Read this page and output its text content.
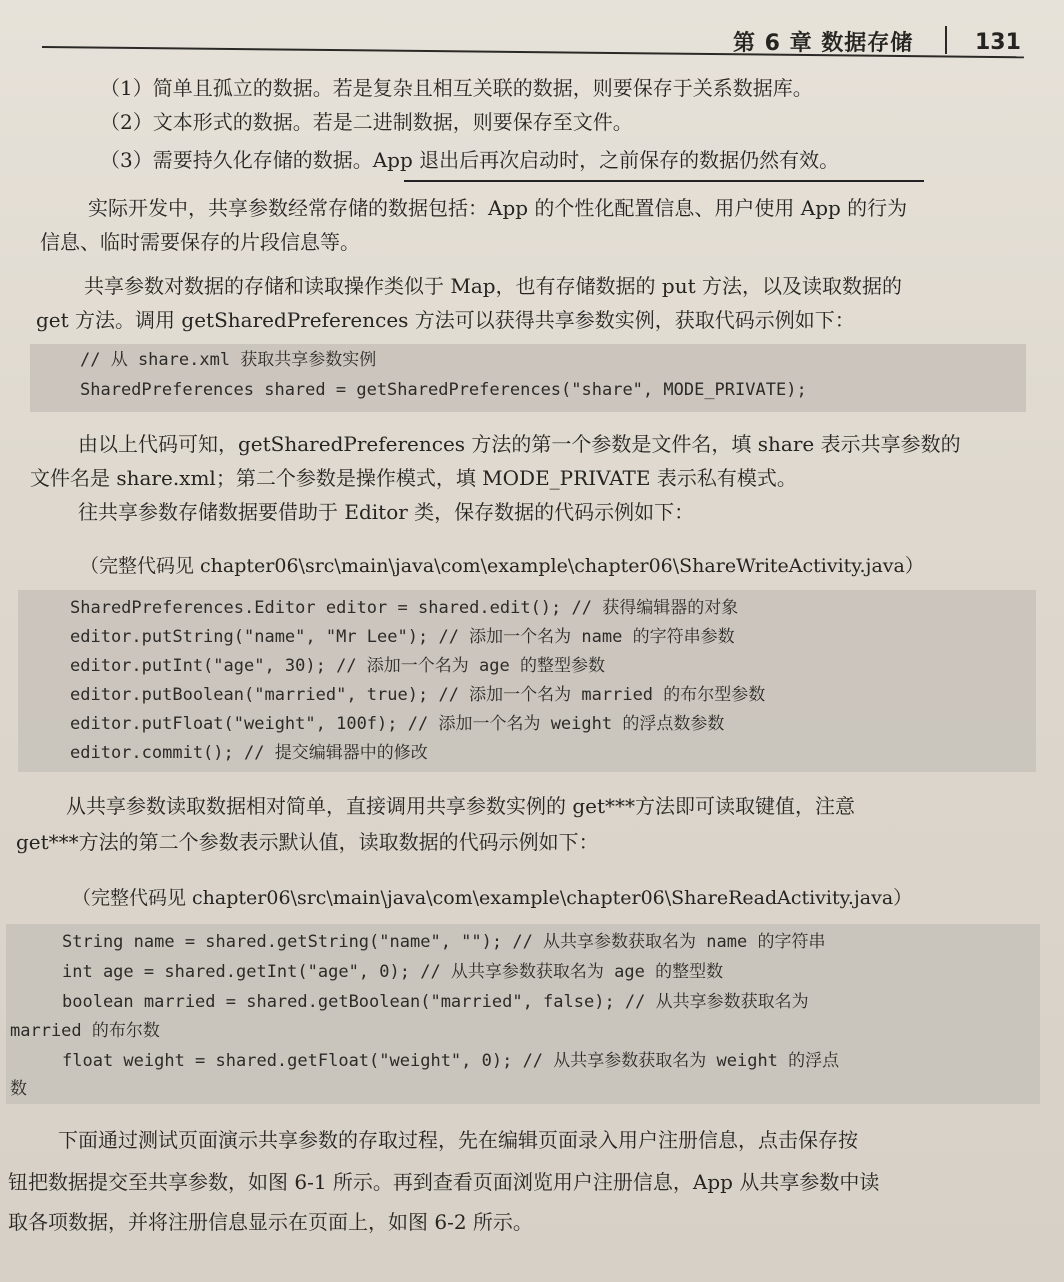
第 6 章 数据存储	131
（1）简单且孤立的数据。若是复杂且相互关联的数据，则要保存于关系数据库。
（2）文本形式的数据。若是二进制数据，则要保存至文件。
（3）需要持久化存储的数据。App 退出后再次启动时，之前保存的数据仍然有效。
实际开发中，共享参数经常存储的数据包括：App 的个性化配置信息、用户使用 App 的行为
信息、临时需要保存的片段信息等。
共享参数对数据的存储和读取操作类似于 Map，也有存储数据的 put 方法，以及读取数据的
get 方法。调用 getSharedPreferences 方法可以获得共享参数实例，获取代码示例如下：
// 从 share.xml 获取共享参数实例
SharedPreferences shared = getSharedPreferences("share", MODE_PRIVATE);
由以上代码可知，getSharedPreferences 方法的第一个参数是文件名，填 share 表示共享参数的
文件名是 share.xml；第二个参数是操作模式，填 MODE_PRIVATE 表示私有模式。
往共享参数存储数据要借助于 Editor 类，保存数据的代码示例如下：
（完整代码见 chapter06\src\main\java\com\example\chapter06\ShareWriteActivity.java）
SharedPreferences.Editor editor = shared.edit(); // 获得编辑器的对象
editor.putString("name", "Mr Lee"); // 添加一个名为 name 的字符串参数
editor.putInt("age", 30); // 添加一个名为 age 的整型参数
editor.putBoolean("married", true); // 添加一个名为 married 的布尔型参数
editor.putFloat("weight", 100f); // 添加一个名为 weight 的浮点数参数
editor.commit(); // 提交编辑器中的修改
从共享参数读取数据相对简单，直接调用共享参数实例的 get***方法即可读取键值，注意
get***方法的第二个参数表示默认值，读取数据的代码示例如下：
（完整代码见 chapter06\src\main\java\com\example\chapter06\ShareReadActivity.java）
String name = shared.getString("name", ""); // 从共享参数获取名为 name 的字符串
int age = shared.getInt("age", 0); // 从共享参数获取名为 age 的整型数
boolean married = shared.getBoolean("married", false); // 从共享参数获取名为
married 的布尔数
float weight = shared.getFloat("weight", 0); // 从共享参数获取名为 weight 的浮点
数
下面通过测试页面演示共享参数的存取过程，先在编辑页面录入用户注册信息，点击保存按
钮把数据提交至共享参数，如图 6-1 所示。再到查看页面浏览用户注册信息，App 从共享参数中读
取各项数据，并将注册信息显示在页面上，如图 6-2 所示。
